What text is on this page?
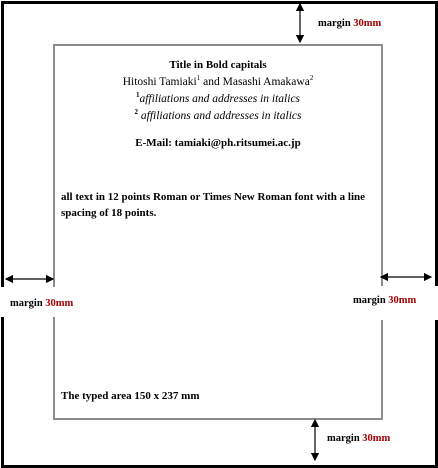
Title in Bold capitals
Hitoshi Tamiaki$^1$ and Masashi Amakawa$^2$
$^1$affiliations and addresses in italics
$^2$ affiliations and addresses in italics
E-Mail: tamiaki@ph.ritsumei.ac.jp
all text in 12 points Roman or Times New Roman font with a line spacing of 18 points.
The typed area 150 x 237 mm
margin 30mm
margin 30mm	margin 30mm
margin 30mm
